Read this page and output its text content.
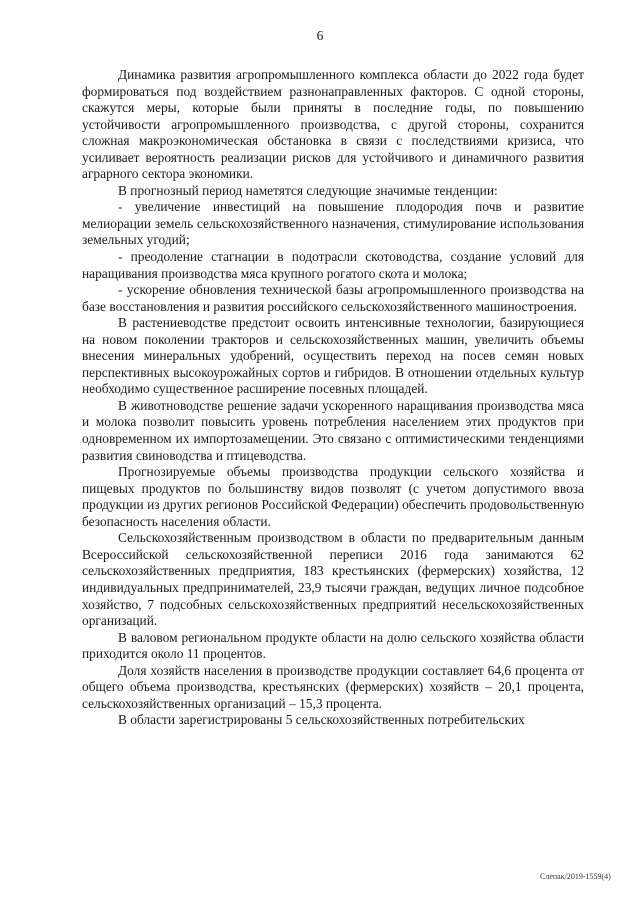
6

Динамика развития агропромышленного комплекса области до 2022 года будет формироваться под воздействием разнонаправленных факторов. С одной стороны, скажутся меры, которые были приняты в последние годы, по повышению устойчивости агропромышленного производства, с другой стороны, сохранится сложная макроэкономическая обстановка в связи с последствиями кризиса, что усиливает вероятность реализации рисков для устойчивого и динамичного развития аграрного сектора экономики.

В прогнозный период наметятся следующие значимые тенденции:

- увеличение инвестиций на повышение плодородия почв и развитие мелиорации земель сельскохозяйственного назначения, стимулирование использования земельных угодий;

- преодоление стагнации в подотрасли скотоводства, создание условий для наращивания производства мяса крупного рогатого скота и молока;

- ускорение обновления технической базы агропромышленного производства на базе восстановления и развития российского сельскохозяйственного машиностроения.

В растениеводстве предстоит освоить интенсивные технологии, базирующиеся на новом поколении тракторов и сельскохозяйственных машин, увеличить объемы внесения минеральных удобрений, осуществить переход на посев семян новых перспективных высокоурожайных сортов и гибридов. В отношении отдельных культур необходимо существенное расширение посевных площадей.

В животноводстве решение задачи ускоренного наращивания производства мяса и молока позволит повысить уровень потребления населением этих продуктов при одновременном их импортозамещении. Это связано с оптимистическими тенденциями развития свиноводства и птицеводства.

Прогнозируемые объемы производства продукции сельского хозяйства и пищевых продуктов по большинству видов позволят (с учетом допустимого ввоза продукции из других регионов Российской Федерации) обеспечить продовольственную безопасность населения области.

Сельскохозяйственным производством в области по предварительным данным Всероссийской сельскохозяйственной переписи 2016 года занимаются 62 сельскохозяйственных предприятия, 183 крестьянских (фермерских) хозяйства, 12 индивидуальных предпринимателей, 23,9 тысячи граждан, ведущих личное подсобное хозяйство, 7 подсобных сельскохозяйственных предприятий несельскохозяйственных организаций.

В валовом региональном продукте области на долю сельского хозяйства области приходится около 11 процентов.

Доля хозяйств населения в производстве продукции составляет 64,6 процента от общего объема производства, крестьянских (фермерских) хозяйств – 20,1 процента, сельскохозяйственных организаций – 15,3 процента.

В области зарегистрированы 5 сельскохозяйственных потребительских

Слепак/2019-1559(4)
